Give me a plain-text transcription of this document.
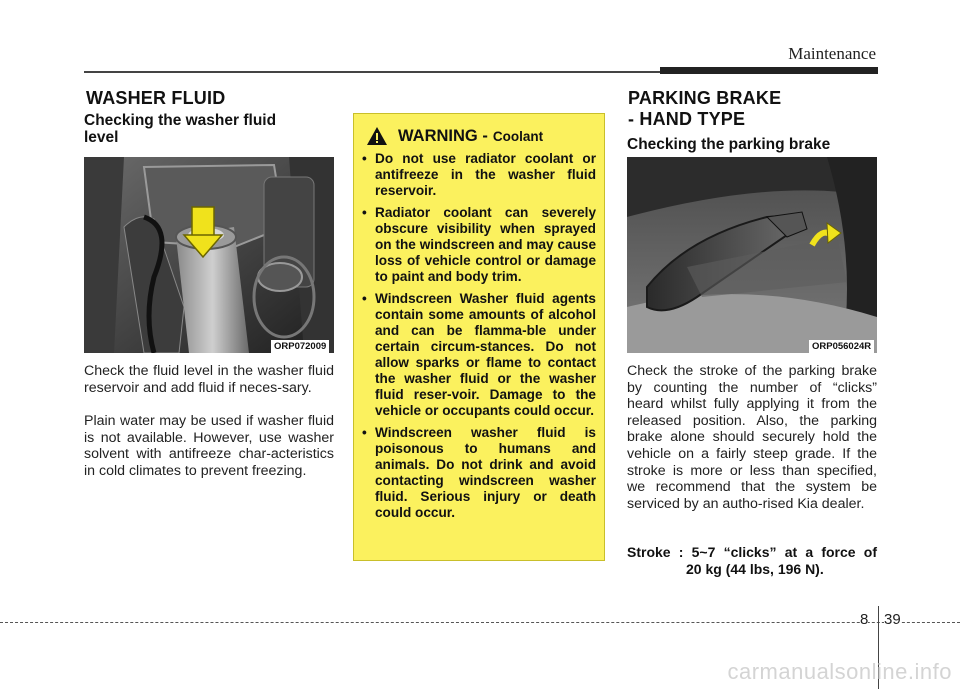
Maintenance
WASHER FLUID
Checking the washer fluid level
ORP072009
Check the fluid level in the washer fluid reservoir and add fluid if neces-sary.
Plain water may be used if washer fluid is not available. However, use washer solvent with antifreeze char-acteristics in cold climates to prevent freezing.
WARNING - Coolant
• Do not use radiator coolant or antifreeze in the washer fluid reservoir.
• Radiator coolant can severely obscure visibility when sprayed on the windscreen and may cause loss of vehicle control or damage to paint and body trim.
• Windscreen Washer fluid agents contain some amounts of alcohol and can be flamma-ble under certain circum-stances. Do not allow sparks or flame to contact the washer fluid or the washer fluid reser-voir. Damage to the vehicle or occupants could occur.
• Windscreen washer fluid is poisonous to humans and animals. Do not drink and avoid contacting windscreen washer fluid. Serious injury or death could occur.
PARKING BRAKE
- HAND TYPE
Checking the parking brake
ORP056024R
Check the stroke of the parking brake by counting the number of “clicks” heard whilst fully applying it from the released position. Also, the parking brake alone should securely hold the vehicle on a fairly steep grade. If the stroke is more or less than specified, we recommend that the system be serviced by an autho-rised Kia dealer.
Stroke : 5~7 “clicks” at a force of
20 kg (44 lbs, 196 N).
8 39
carmanualsonline.info
